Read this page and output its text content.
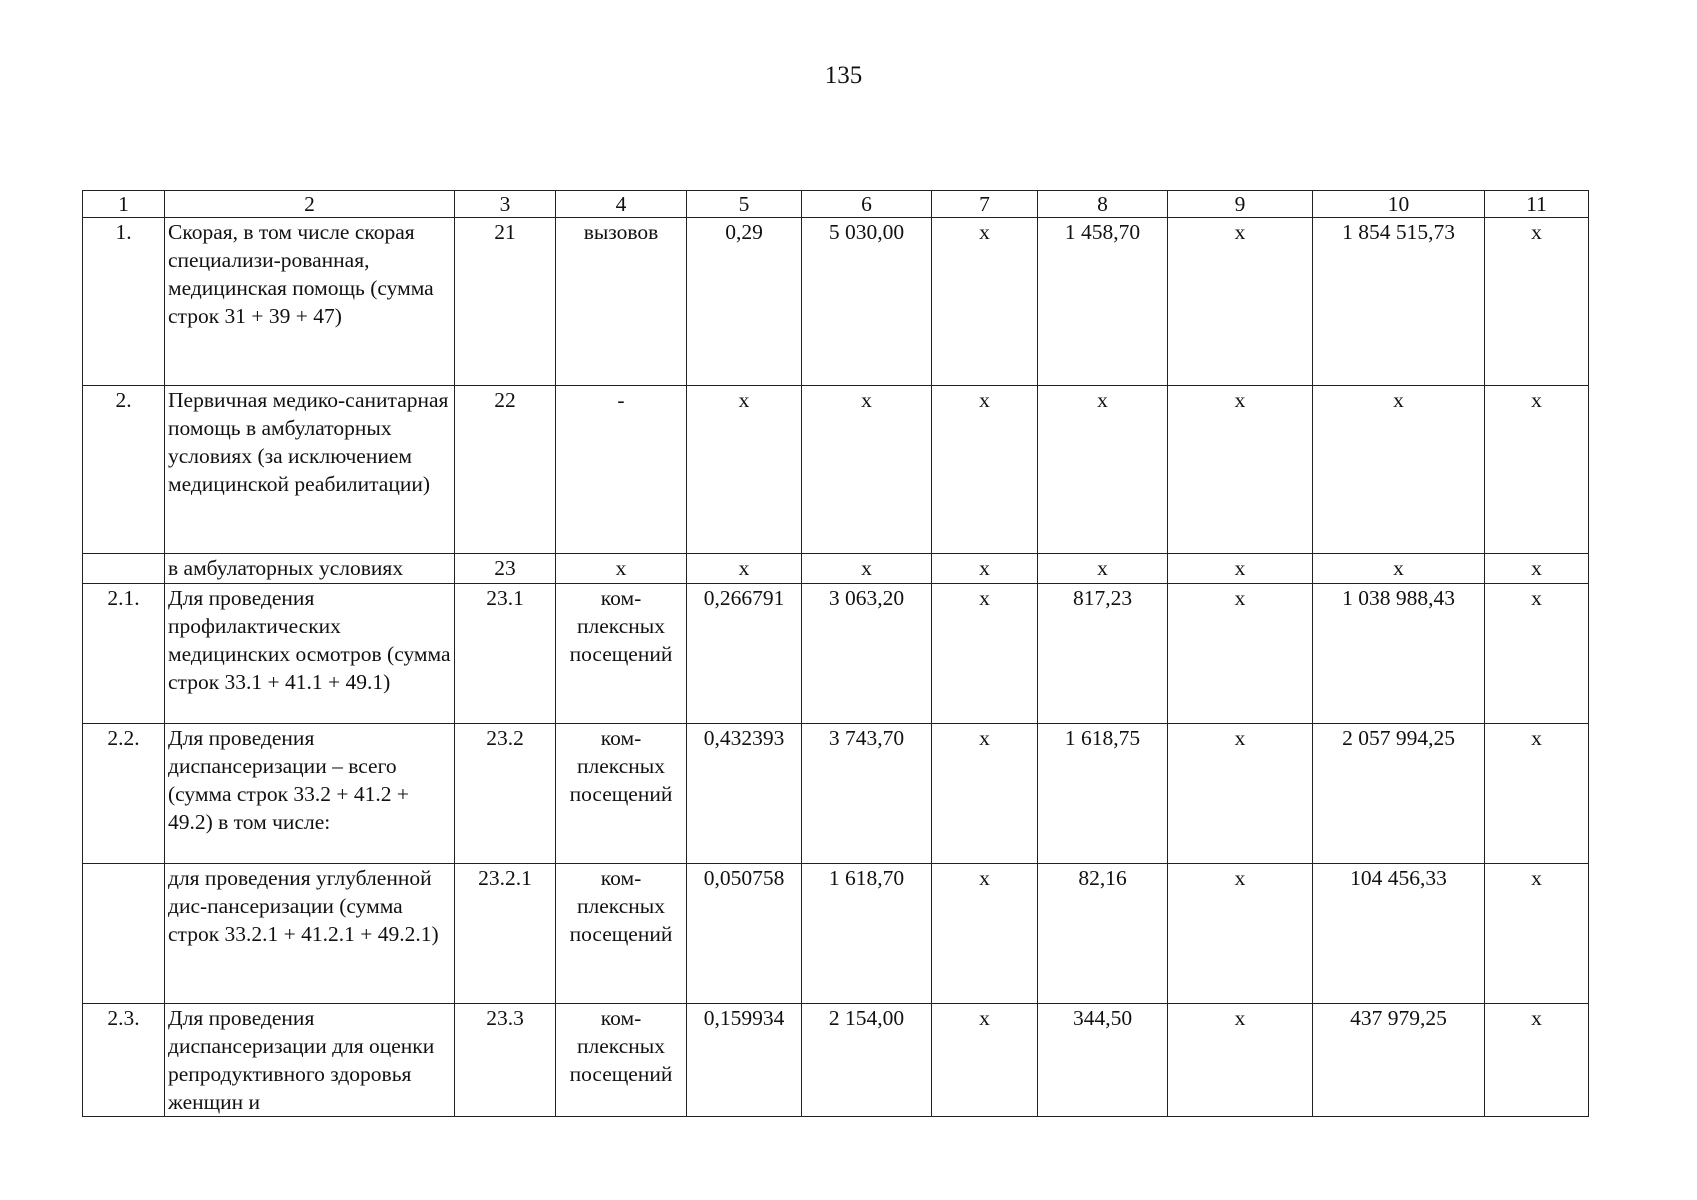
135
1	2	3	4	5	6	7	8	9	10	11
1.	Скорая, в том числе скорая специализи-рованная, медицинская помощь (сумма строк 31 + 39 + 47)	21	вызовов	0,29	5 030,00	х	1 458,70	х	1 854 515,73	х
2.	Первичная медико-санитарная помощь в амбулаторных условиях (за исключением медицинской реабилитации)	22	-	х	х	х	х	х	х	х
	в амбулаторных условиях	23	х	х	х	х	х	х	х	х
2.1.	Для проведения профилактических медицинских осмотров (сумма строк 33.1 + 41.1 + 49.1)	23.1	ком-плексных посещений	0,266791	3 063,20	х	817,23	х	1 038 988,43	х
2.2.	Для проведения диспансеризации – всего (сумма строк 33.2 + 41.2 + 49.2) в том числе:	23.2	ком-плексных посещений	0,432393	3 743,70	х	1 618,75	х	2 057 994,25	х
	для проведения углубленной дис-пансеризации (сумма строк 33.2.1 + 41.2.1 + 49.2.1)	23.2.1	ком-плексных посещений	0,050758	1 618,70	х	82,16	х	104 456,33	х
2.3.	Для проведения диспансеризации для оценки репродуктивного здоровья женщин и	23.3	ком-плексных посещений	0,159934	2 154,00	х	344,50	х	437 979,25	х
